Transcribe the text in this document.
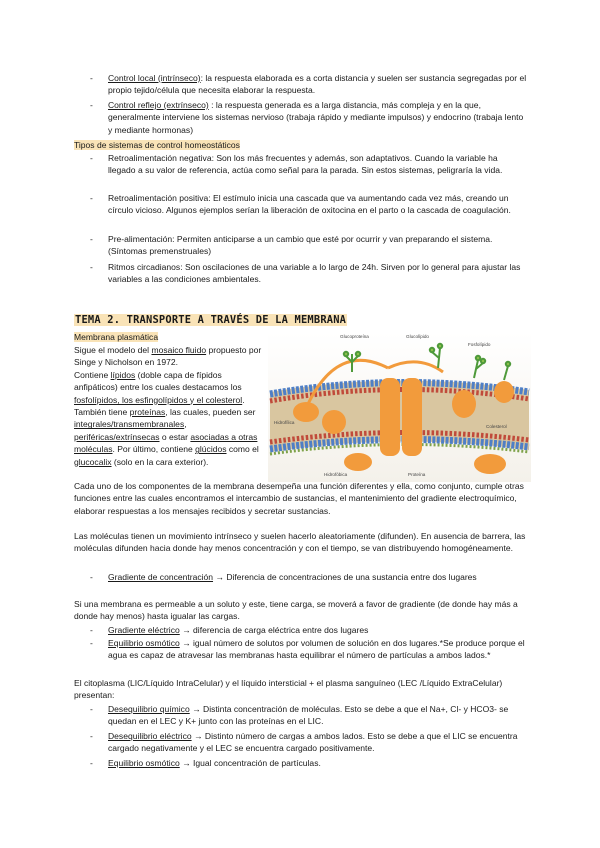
-	Control local (intrínseco): la respuesta elaborada es a corta distancia y suelen ser sustancia segregadas por el propio tejido/célula que necesita elaborar la respuesta.
-	Control reflejo (extrínseco) : la respuesta generada es a larga distancia, más compleja y en la que, generalmente interviene los sistemas nervioso (trabaja rápido y mediante impulsos) y endocrino (trabaja lento y mediante hormonas)
Tipos de sistemas de control homeostáticos
-	Retroalimentación negativa: Son los más frecuentes y además, son adaptativos. Cuando la variable ha llegado a su valor de referencia, actúa como señal para la parada. Sin estos sistemas, peligraría la vida.
-	Retroalimentación positiva: El estímulo inicia una cascada que va aumentando cada vez más, creando un círculo vicioso. Algunos ejemplos serían la liberación de oxitocina en el parto o la cascada de coagulación.
-	Pre-alimentación: Permiten anticiparse a un cambio que esté por ocurrir y van preparando el sistema. (Síntomas premenstruales)
-	Ritmos circadianos: Son oscilaciones de una variable a lo largo de 24h. Sirven por lo general para ajustar las variables a las condiciones ambientales.
TEMA 2. TRANSPORTE A TRAVÉS DE LA MEMBRANA
Membrana plasmática
Sigue el modelo del mosaico fluido propuesto por Singe y Nicholson en 1972.
Contiene lípidos (doble capa de fípidos anfipáticos) entre los cuales destacamos los fosfolípidos, los esfingolípidos y el colesterol.
También tiene proteínas, las cuales, pueden ser integrales/transmembranales, periféricas/extrínsecas o estar asociadas a otras moléculas. Por último, contiene glúcidos como el glucocalix (solo en la cara exterior).
Glucoproteína	Glucolípido
Hidrofílica
Hidrofóbica	Proteína
Colesterol
Fosfolípido
Cada uno de los componentes de la membrana desempeña una función diferentes y ella, como conjunto, cumple otras funciones entre las cuales encontramos el intercambio de sustancias, el mantenimiento del gradiente electroquímico, elaborar respuestas a los mensajes recibidos y secretar sustancias.
Las moléculas tienen un movimiento intrínseco y suelen hacerlo aleatoriamente (difunden). En ausencia de barrera, las moléculas difunden hacia donde hay menos concentración y con el tiempo, se van distribuyendo homogéneamente.
-	Gradiente de concentración → Diferencia de concentraciones de una sustancia entre dos lugares
Si una membrana es permeable a un soluto y este, tiene carga, se moverá a favor de gradiente (de donde hay más a donde hay menos) hasta igualar las cargas.
-	Gradiente eléctrico → diferencia de carga eléctrica entre dos lugares
-	Equilibrio osmótico → igual número de solutos por volumen de solución en dos lugares.*Se produce porque el agua es capaz de atravesar las membranas hasta equilibrar el número de partículas a ambos lados.*
El citoplasma (LIC/Líquido IntraCelular) y el líquido intersticial + el plasma sanguíneo (LEC /Líquido ExtraCelular) presentan:
-	Desequilibrio químico → Distinta concentración de moléculas. Esto se debe a que el Na+, Cl- y HCO3- se quedan en el LEC y K+ junto con las proteínas en el LIC.
-	Desequilibrio eléctrico → Distinto número de cargas a ambos lados. Esto se debe a que el LIC se encuentra cargado negativamente y el LEC se encuentra cargado positivamente.
-	Equilibrio osmótico → Igual concentración de partículas.
